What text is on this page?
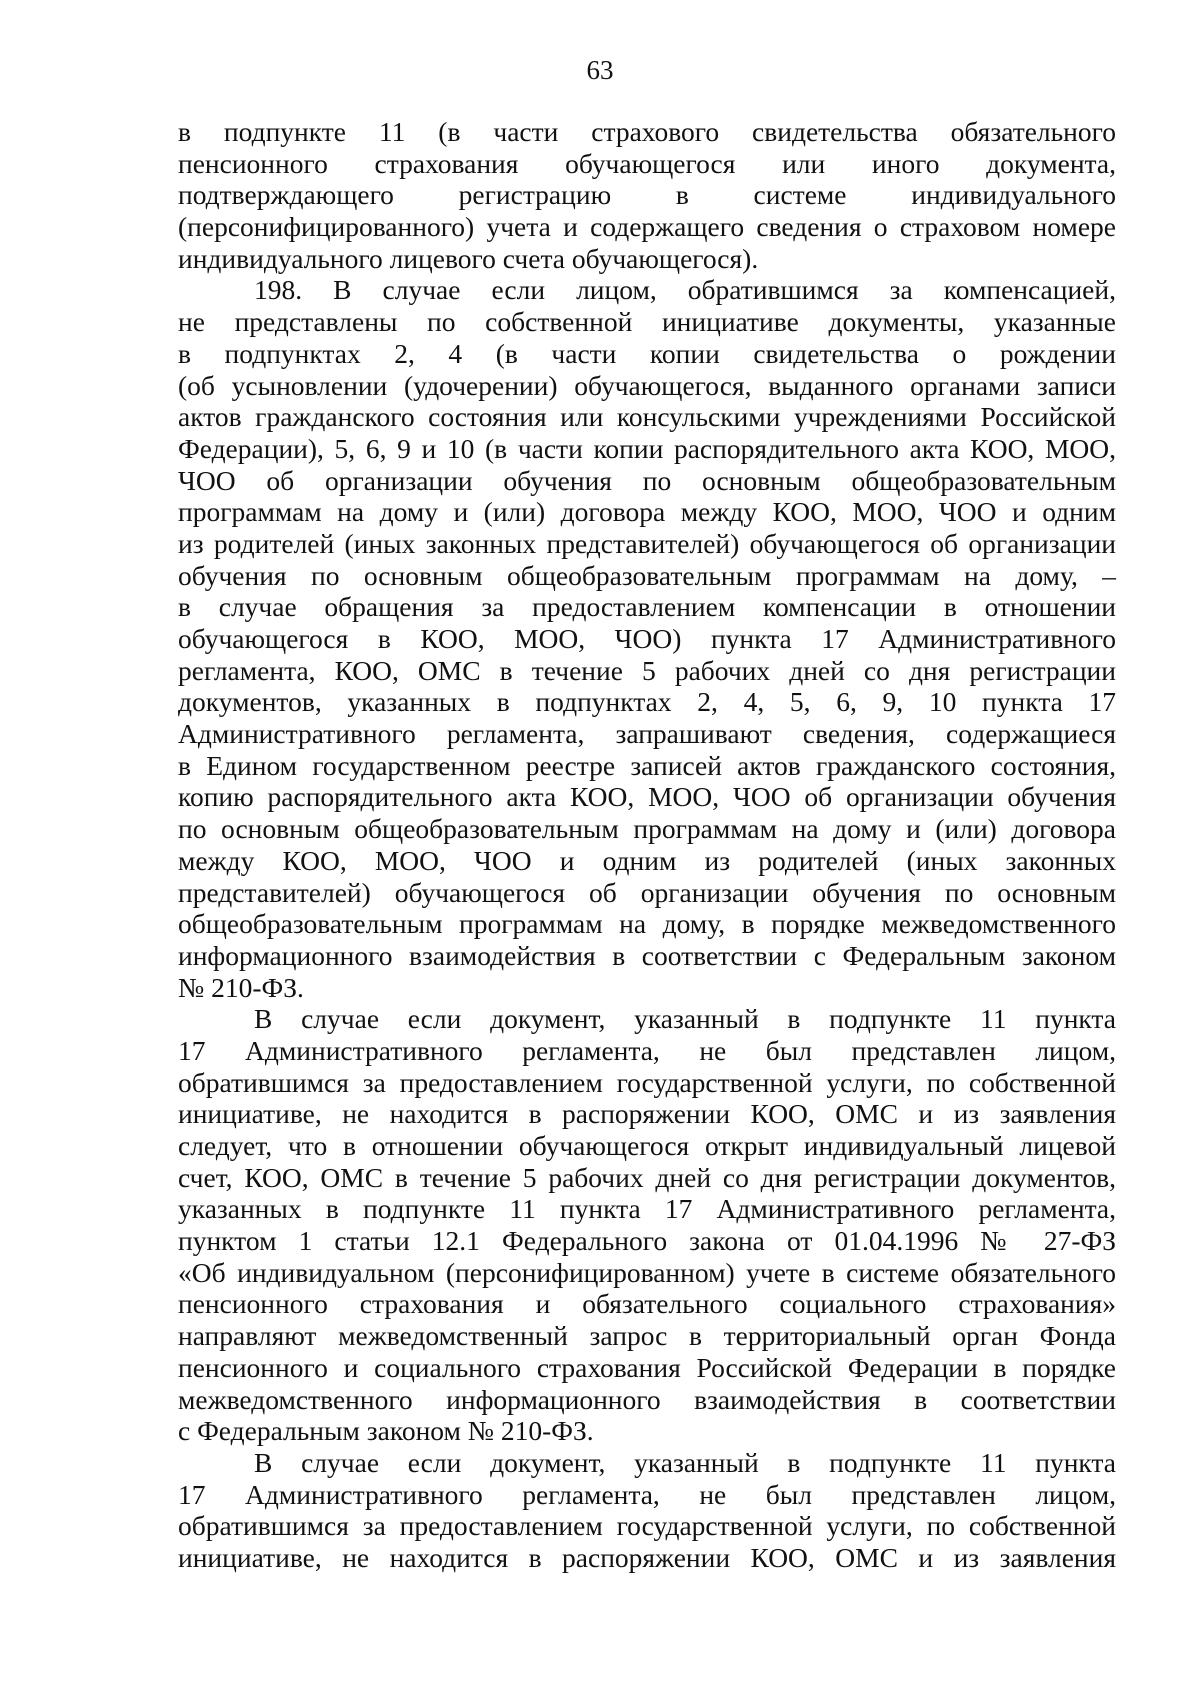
63
в подпункте 11 (в части страхового свидетельства обязательного
пенсионного страхования обучающегося или иного документа,
подтверждающего регистрацию в системе индивидуального
(персонифицированного) учета и содержащего сведения о страховом номере
индивидуального лицевого счета обучающегося).
198. В случае если лицом, обратившимся за компенсацией,
не представлены по собственной инициативе документы, указанные
в подпунктах 2, 4 (в части копии свидетельства о рождении
(об усыновлении (удочерении) обучающегося, выданного органами записи
актов гражданского состояния или консульскими учреждениями Российской
Федерации), 5, 6, 9 и 10 (в части копии распорядительного акта КОО, МОО,
ЧОО об организации обучения по основным общеобразовательным
программам на дому и (или) договора между КОО, МОО, ЧОО и одним
из родителей (иных законных представителей) обучающегося об организации
обучения по основным общеобразовательным программам на дому, –
в случае обращения за предоставлением компенсации в отношении
обучающегося в КОО, МОО, ЧОО) пункта 17 Административного
регламента, КОО, ОМС в течение 5 рабочих дней со дня регистрации
документов, указанных в подпунктах 2, 4, 5, 6, 9, 10 пункта 17
Административного регламента, запрашивают сведения, содержащиеся
в Едином государственном реестре записей актов гражданского состояния,
копию распорядительного акта КОО, МОО, ЧОО об организации обучения
по основным общеобразовательным программам на дому и (или) договора
между КОО, МОО, ЧОО и одним из родителей (иных законных
представителей) обучающегося об организации обучения по основным
общеобразовательным программам на дому, в порядке межведомственного
информационного взаимодействия в соответствии с Федеральным законом
№ 210-ФЗ.
В случае если документ, указанный в подпункте 11 пункта
17 Административного регламента, не был представлен лицом,
обратившимся за предоставлением государственной услуги, по собственной
инициативе, не находится в распоряжении КОО, ОМС и из заявления
следует, что в отношении обучающегося открыт индивидуальный лицевой
счет, КОО, ОМС в течение 5 рабочих дней со дня регистрации документов,
указанных в подпункте 11 пункта 17 Административного регламента,
пунктом 1 статьи 12.1 Федерального закона от 01.04.1996 № 27-ФЗ
«Об индивидуальном (персонифицированном) учете в системе обязательного
пенсионного страхования и обязательного социального страхования»
направляют межведомственный запрос в территориальный орган Фонда
пенсионного и социального страхования Российской Федерации в порядке
межведомственного информационного взаимодействия в соответствии
с Федеральным законом № 210-ФЗ.
В случае если документ, указанный в подпункте 11 пункта
17 Административного регламента, не был представлен лицом,
обратившимся за предоставлением государственной услуги, по собственной
инициативе, не находится в распоряжении КОО, ОМС и из заявления
